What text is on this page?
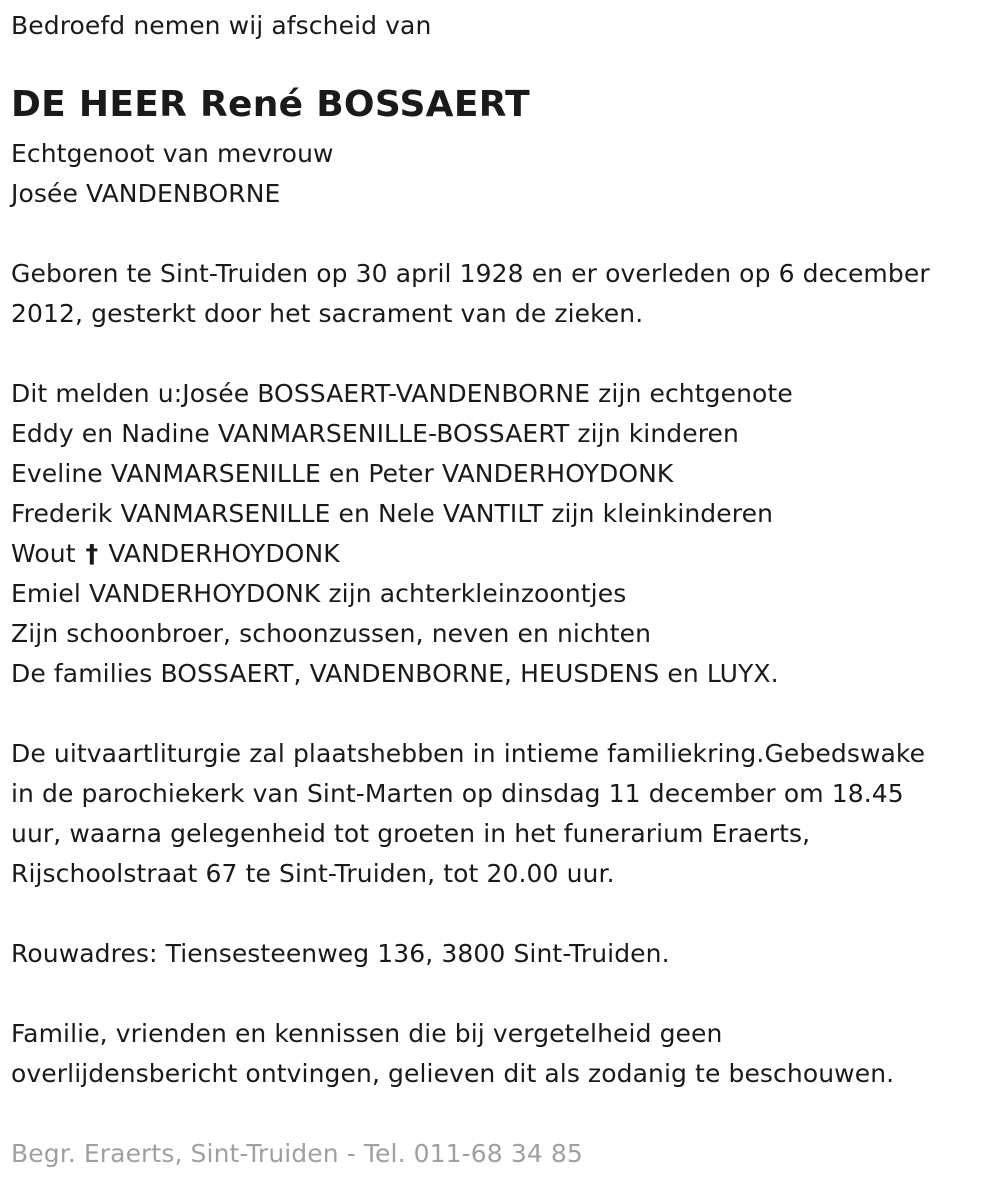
Bedroefd nemen wij afscheid van
DE HEER René BOSSAERT
Echtgenoot van mevrouw
Josée VANDENBORNE
Geboren te Sint-Truiden op 30 april 1928 en er overleden op 6 december
2012, gesterkt door het sacrament van de zieken.
Dit melden u:Josée BOSSAERT-VANDENBORNE zijn echtgenote
Eddy en Nadine VANMARSENILLE-BOSSAERT zijn kinderen
Eveline VANMARSENILLE en Peter VANDERHOYDONK
Frederik VANMARSENILLE en Nele VANTILT zijn kleinkinderen
Wout † VANDERHOYDONK
Emiel VANDERHOYDONK zijn achterkleinzoontjes
Zijn schoonbroer, schoonzussen, neven en nichten
De families BOSSAERT, VANDENBORNE, HEUSDENS en LUYX.
De uitvaartliturgie zal plaatshebben in intieme familiekring.Gebedswake
in de parochiekerk van Sint-Marten op dinsdag 11 december om 18.45
uur, waarna gelegenheid tot groeten in het funerarium Eraerts,
Rijschoolstraat 67 te Sint-Truiden, tot 20.00 uur.
Rouwadres: Tiensesteenweg 136, 3800 Sint-Truiden.
Familie, vrienden en kennissen die bij vergetelheid geen
overlijdensbericht ontvingen, gelieven dit als zodanig te beschouwen.
Begr. Eraerts, Sint-Truiden - Tel. 011-68 34 85
